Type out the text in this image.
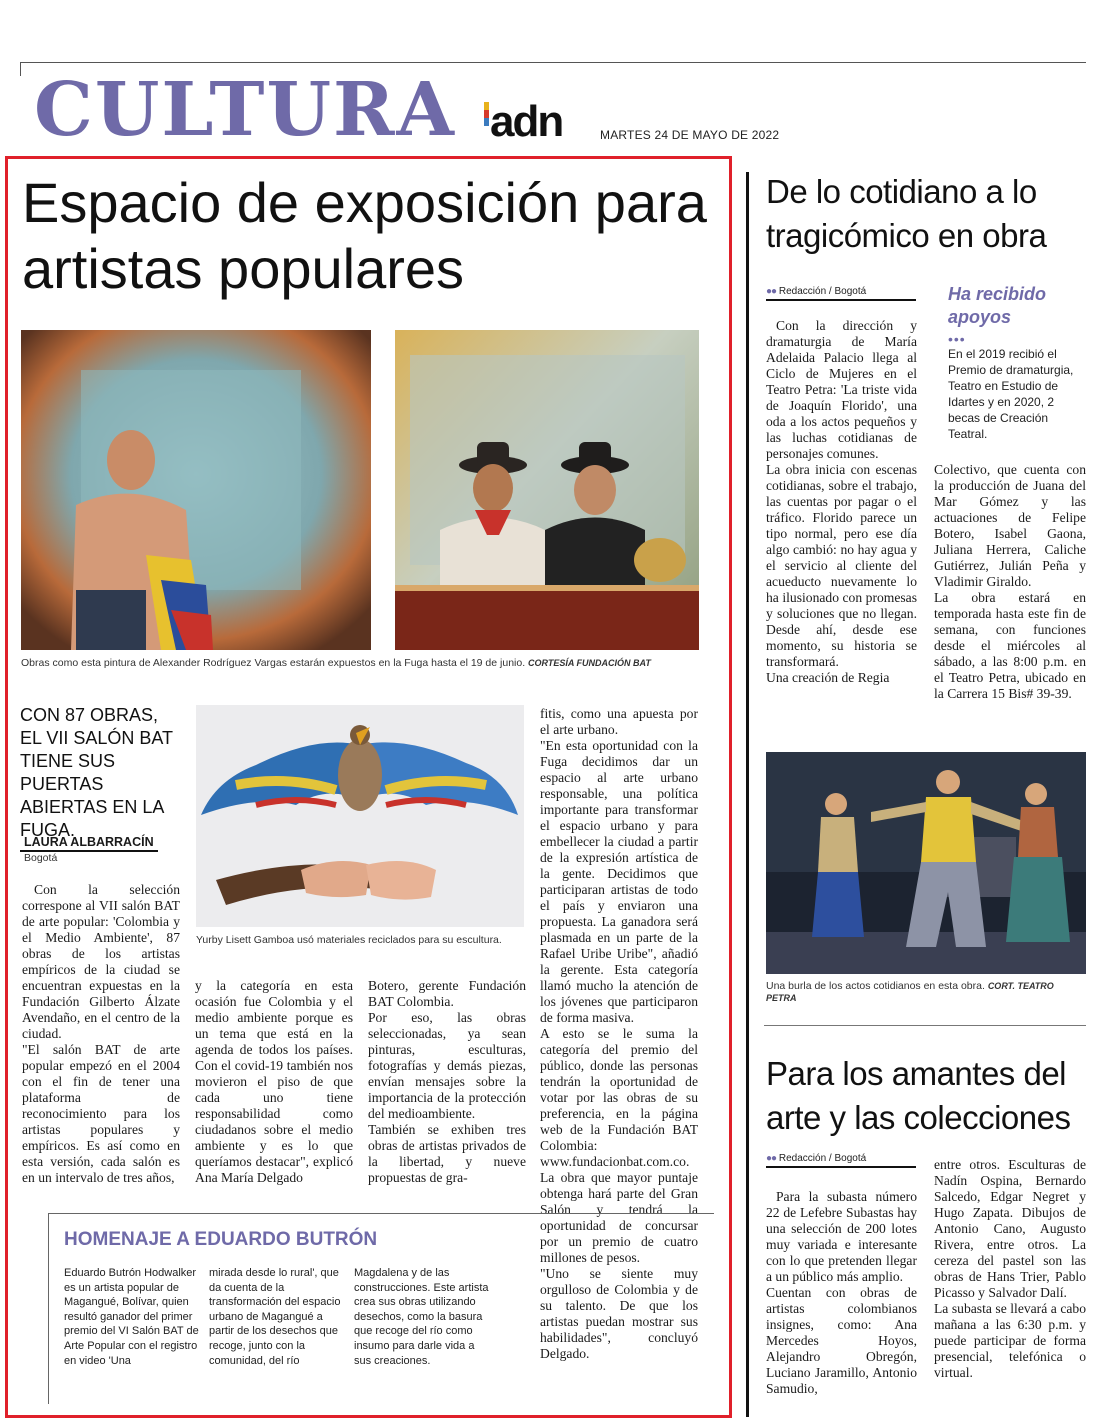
CULTURA adn	MARTES 24 DE MAYO DE 2022
Espacio de exposición para artistas populares
Obras como esta pintura de Alexander Rodríguez Vargas estarán expuestos en la Fuga hasta el 19 de junio. CORTESÍA FUNDACIÓN BAT
CON 87 OBRAS, EL VII SALÓN BAT TIENE SUS PUERTAS ABIERTAS EN LA FUGA.
LAURA ALBARRACÍN
Bogotá
Yurby Lisett Gamboa usó materiales reciclados para su escultura.
Con la selección correspone al VII salón BAT de arte popular: 'Colombia y el Medio Ambiente', 87 obras de los artistas empíricos de la ciudad se encuentran expuestas en la Fundación Gilberto Álzate Avendaño, en el centro de la ciudad.
"El salón BAT de arte popular empezó en el 2004 con el fin de tener una plataforma de reconocimiento para los artistas populares y empíricos. Es así como en esta versión, cada salón es en un intervalo de tres años,
y la categoría en esta ocasión fue Colombia y el medio ambiente porque es un tema que está en la agenda de todos los países. Con el covid-19 también nos movieron el piso de que cada uno tiene responsabilidad como ciudadanos sobre el medio ambiente y es lo que queríamos destacar", explicó Ana María Delgado
Botero, gerente Fundación BAT Colombia.
Por eso, las obras seleccionadas, ya sean pinturas, esculturas, fotografías y demás piezas, envían mensajes sobre la importancia de la protección del medioambiente.
También se exhiben tres obras de artistas privados de la libertad, y nueve propuestas de gra-
fitis, como una apuesta por el arte urbano.
"En esta oportunidad con la Fuga decidimos dar un espacio al arte urbano responsable, una política importante para transformar el espacio urbano y para embellecer la ciudad a partir de la expresión artística de la gente. Decidimos que participaran artistas de todo el país y enviaron una propuesta. La ganadora será plasmada en un parte de la Rafael Uribe Uribe", añadió la gerente. Esta categoría llamó mucho la atención de los jóvenes que participaron de forma masiva.
A esto se le suma la categoría del premio del público, donde las personas tendrán la oportunidad de votar por las obras de su preferencia, en la página web de la Fundación BAT Colombia: www.fundacionbat.com.co. La obra que mayor puntaje obtenga hará parte del Gran Salón y tendrá la oportunidad de concursar por un premio de cuatro millones de pesos.
"Uno se siente muy orgulloso de Colombia y de su talento. De que los artistas puedan mostrar sus habilidades", concluyó Delgado.
HOMENAJE A EDUARDO BUTRÓN
Eduardo Butrón Hodwalker es un artista popular de Magangué, Bolívar, quien resultó ganador del primer premio del VI Salón BAT de Arte Popular con el registro en video 'Una
mirada desde lo rural', que da cuenta de la transformación del espacio urbano de Magangué a partir de los desechos que recoge, junto con la comunidad, del río
Magdalena y de las construcciones. Este artista crea sus obras utilizando desechos, como la basura que recoge del río como insumo para darle vida a sus creaciones.
De lo cotidiano a lo tragicómico en obra
●● Redacción / Bogotá
Con la dirección y dramaturgia de María Adelaida Palacio llega al Ciclo de Mujeres en el Teatro Petra: 'La triste vida de Joaquín Florido', una oda a los actos pequeños y las luchas cotidianas de personajes comunes.
La obra inicia con escenas cotidianas, sobre el trabajo, las cuentas por pagar o el tráfico. Florido parece un tipo normal, pero ese día algo cambió: no hay agua y el servicio al cliente del acueducto nuevamente lo ha ilusionado con promesas y soluciones que no llegan. Desde ahí, desde ese momento, su historia se transformará.
Una creación de Regia
Ha recibido apoyos
•••
En el 2019 recibió el Premio de dramaturgia, Teatro en Estudio de Idartes y en 2020, 2 becas de Creación Teatral.
Colectivo, que cuenta con la producción de Juana del Mar Gómez y las actuaciones de Felipe Botero, Isabel Gaona, Juliana Herrera, Caliche Gutiérrez, Julián Peña y Vladimir Giraldo.
La obra estará en temporada hasta este fin de semana, con funciones desde el miércoles al sábado, a las 8:00 p.m. en el Teatro Petra, ubicado en la Carrera 15 Bis# 39-39.
Una burla de los actos cotidianos en esta obra. CORT. TEATRO PETRA
Para los amantes del arte y las colecciones
●● Redacción / Bogotá
Para la subasta número 22 de Lefebre Subastas hay una selección de 200 lotes muy variada e interesante con lo que pretenden llegar a un público más amplio.
Cuentan con obras de artistas colombianos insignes, como: Ana Mercedes Hoyos, Alejandro Obregón, Luciano Jaramillo, Antonio Samudio,
entre otros. Esculturas de Nadín Ospina, Bernardo Salcedo, Edgar Negret y Hugo Zapata. Dibujos de Antonio Cano, Augusto Rivera, entre otros. La cereza del pastel son las obras de Hans Trier, Pablo Picasso y Salvador Dalí.
La subasta se llevará a cabo mañana a las 6:30 p.m. y puede participar de forma presencial, telefónica o virtual.
